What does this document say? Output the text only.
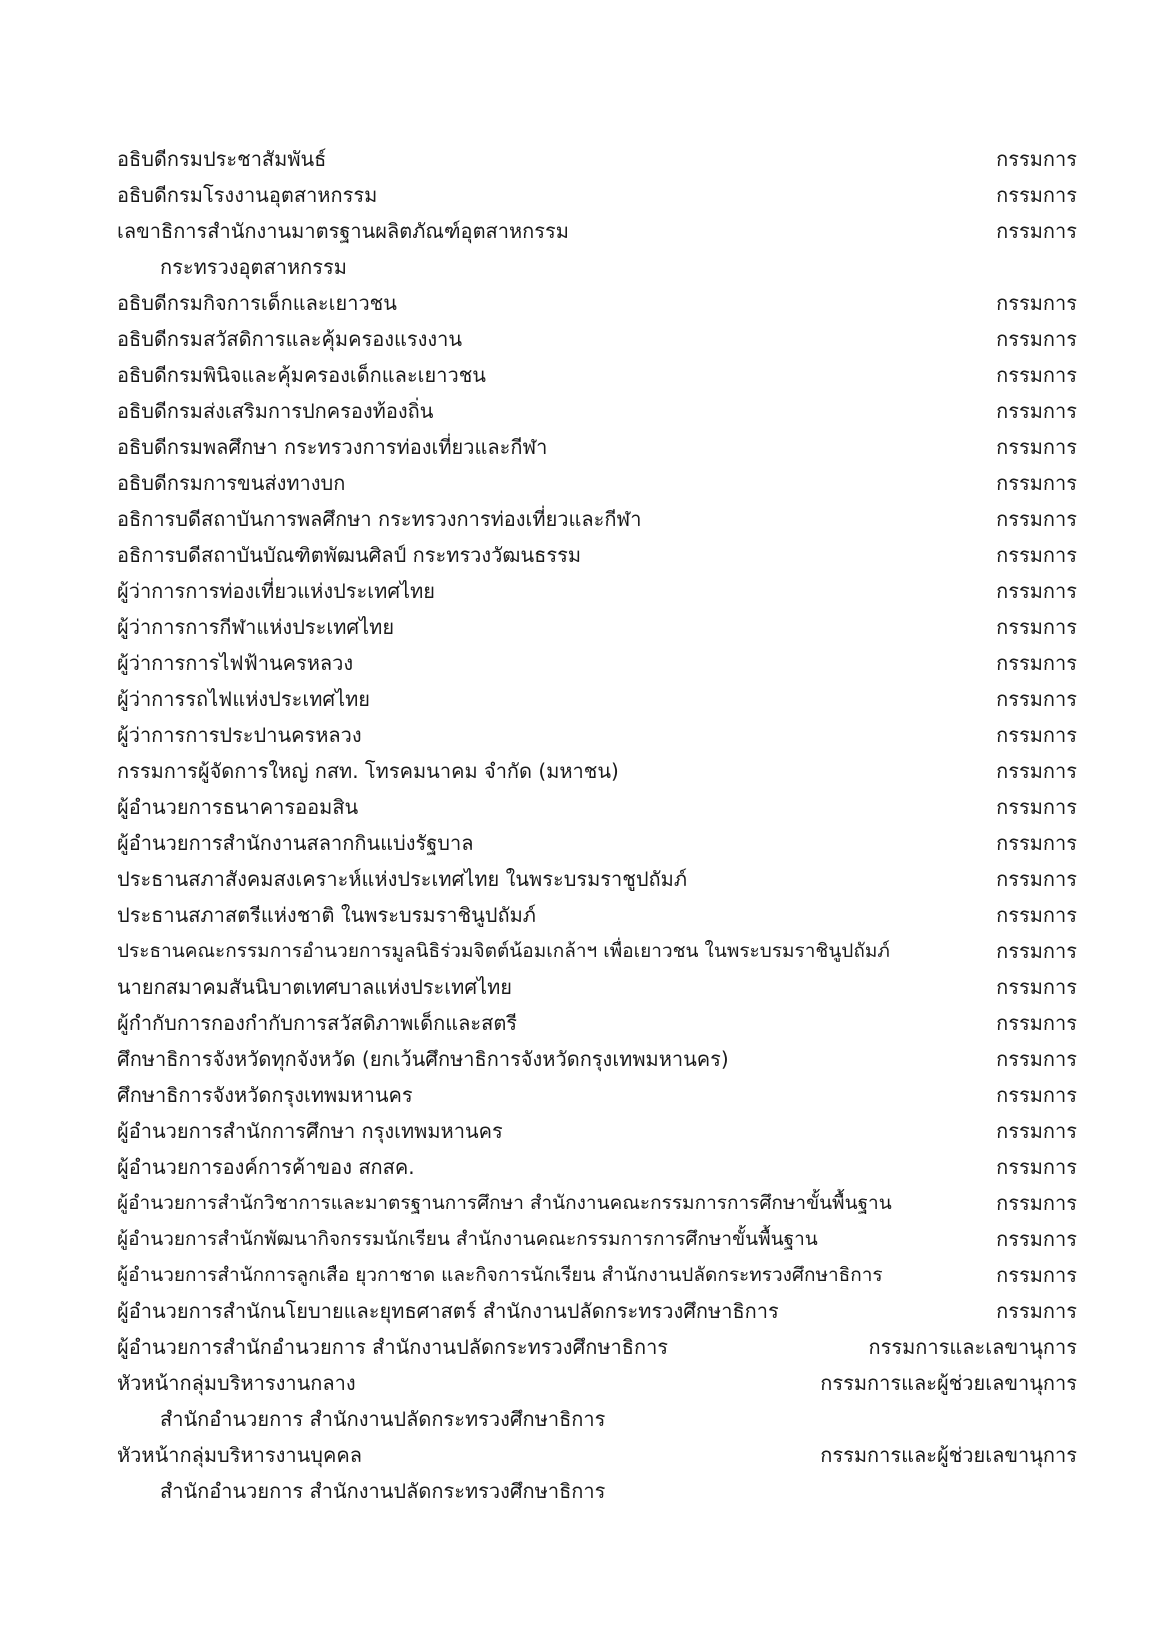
อธิบดีกรมประชาสัมพันธ์	กรรมการ
อธิบดีกรมโรงงานอุตสาหกรรม	กรรมการ
เลขาธิการสำนักงานมาตรฐานผลิตภัณฑ์อุตสาหกรรม	กรรมการ
กระทรวงอุตสาหกรรม
อธิบดีกรมกิจการเด็กและเยาวชน	กรรมการ
อธิบดีกรมสวัสดิการและคุ้มครองแรงงาน	กรรมการ
อธิบดีกรมพินิจและคุ้มครองเด็กและเยาวชน	กรรมการ
อธิบดีกรมส่งเสริมการปกครองท้องถิ่น	กรรมการ
อธิบดีกรมพลศึกษา กระทรวงการท่องเที่ยวและกีฬา	กรรมการ
อธิบดีกรมการขนส่งทางบก	กรรมการ
อธิการบดีสถาบันการพลศึกษา กระทรวงการท่องเที่ยวและกีฬา	กรรมการ
อธิการบดีสถาบันบัณฑิตพัฒนศิลป์ กระทรวงวัฒนธรรม	กรรมการ
ผู้ว่าการการท่องเที่ยวแห่งประเทศไทย	กรรมการ
ผู้ว่าการการกีฬาแห่งประเทศไทย	กรรมการ
ผู้ว่าการการไฟฟ้านครหลวง	กรรมการ
ผู้ว่าการรถไฟแห่งประเทศไทย	กรรมการ
ผู้ว่าการการประปานครหลวง	กรรมการ
กรรมการผู้จัดการใหญ่ กสท. โทรคมนาคม จำกัด (มหาชน)	กรรมการ
ผู้อำนวยการธนาคารออมสิน	กรรมการ
ผู้อำนวยการสำนักงานสลากกินแบ่งรัฐบาล	กรรมการ
ประธานสภาสังคมสงเคราะห์แห่งประเทศไทย ในพระบรมราชูปถัมภ์	กรรมการ
ประธานสภาสตรีแห่งชาติ ในพระบรมราชินูปถัมภ์	กรรมการ
ประธานคณะกรรมการอำนวยการมูลนิธิร่วมจิตต์น้อมเกล้าฯ เพื่อเยาวชน ในพระบรมราชินูปถัมภ์	กรรมการ
นายกสมาคมสันนิบาตเทศบาลแห่งประเทศไทย	กรรมการ
ผู้กำกับการกองกำกับการสวัสดิภาพเด็กและสตรี	กรรมการ
ศึกษาธิการจังหวัดทุกจังหวัด (ยกเว้นศึกษาธิการจังหวัดกรุงเทพมหานคร)	กรรมการ
ศึกษาธิการจังหวัดกรุงเทพมหานคร	กรรมการ
ผู้อำนวยการสำนักการศึกษา กรุงเทพมหานคร	กรรมการ
ผู้อำนวยการองค์การค้าของ สกสค.	กรรมการ
ผู้อำนวยการสำนักวิชาการและมาตรฐานการศึกษา สำนักงานคณะกรรมการการศึกษาขั้นพื้นฐาน	กรรมการ
ผู้อำนวยการสำนักพัฒนากิจกรรมนักเรียน สำนักงานคณะกรรมการการศึกษาขั้นพื้นฐาน	กรรมการ
ผู้อำนวยการสำนักการลูกเสือ ยุวกาชาด และกิจการนักเรียน สำนักงานปลัดกระทรวงศึกษาธิการ	กรรมการ
ผู้อำนวยการสำนักนโยบายและยุทธศาสตร์ สำนักงานปลัดกระทรวงศึกษาธิการ	กรรมการ
ผู้อำนวยการสำนักอำนวยการ สำนักงานปลัดกระทรวงศึกษาธิการ	กรรมการและเลขานุการ
หัวหน้ากลุ่มบริหารงานกลาง	กรรมการและผู้ช่วยเลขานุการ
สำนักอำนวยการ สำนักงานปลัดกระทรวงศึกษาธิการ
หัวหน้ากลุ่มบริหารงานบุคคล	กรรมการและผู้ช่วยเลขานุการ
สำนักอำนวยการ สำนักงานปลัดกระทรวงศึกษาธิการ
